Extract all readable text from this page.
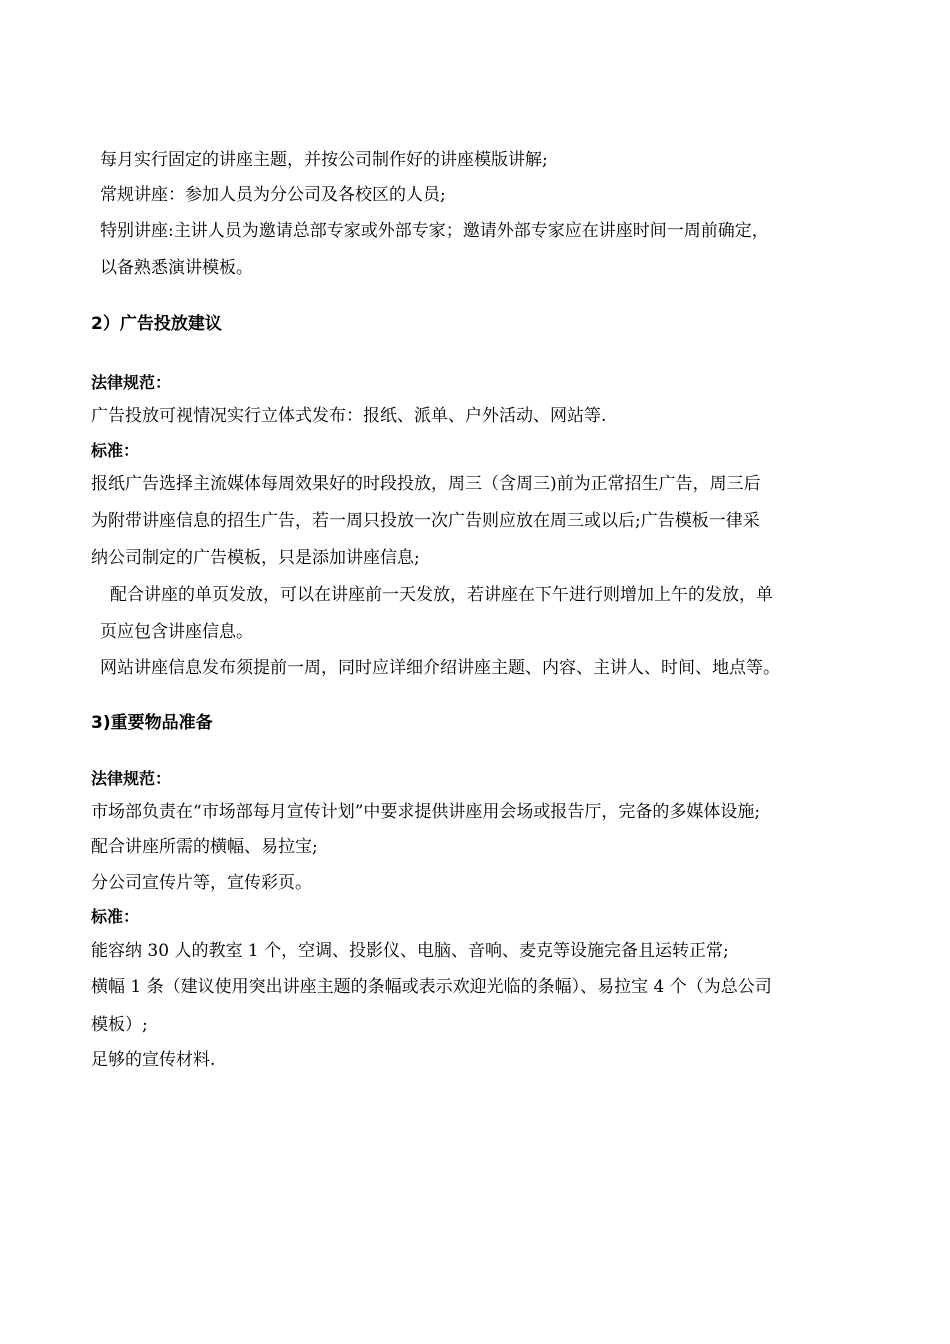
每月实行固定的讲座主题，并按公司制作好的讲座模版讲解;
常规讲座：参加人员为分公司及各校区的人员;
特别讲座:主讲人员为邀请总部专家或外部专家；邀请外部专家应在讲座时间一周前确定，
以备熟悉演讲模板。
2）广告投放建议
法律规范：
广告投放可视情况实行立体式发布：报纸、派单、户外活动、网站等.
标准：
报纸广告选择主流媒体每周效果好的时段投放，周三（含周三)前为正常招生广告，周三后
为附带讲座信息的招生广告，若一周只投放一次广告则应放在周三或以后;广告模板一律采
纳公司制定的广告模板，只是添加讲座信息;
配合讲座的单页发放，可以在讲座前一天发放，若讲座在下午进行则增加上午的发放，单
页应包含讲座信息。
网站讲座信息发布须提前一周，同时应详细介绍讲座主题、内容、主讲人、时间、地点等。
3)重要物品准备
法律规范：
市场部负责在“市场部每月宣传计划”中要求提供讲座用会场或报告厅，完备的多媒体设施;
配合讲座所需的横幅、易拉宝;
分公司宣传片等，宣传彩页。
标准：
能容纳 30 人的教室 1 个，空调、投影仪、电脑、音响、麦克等设施完备且运转正常;
横幅 1 条（建议使用突出讲座主题的条幅或表示欢迎光临的条幅）、易拉宝 4 个（为总公司
模板）;
足够的宣传材料.
